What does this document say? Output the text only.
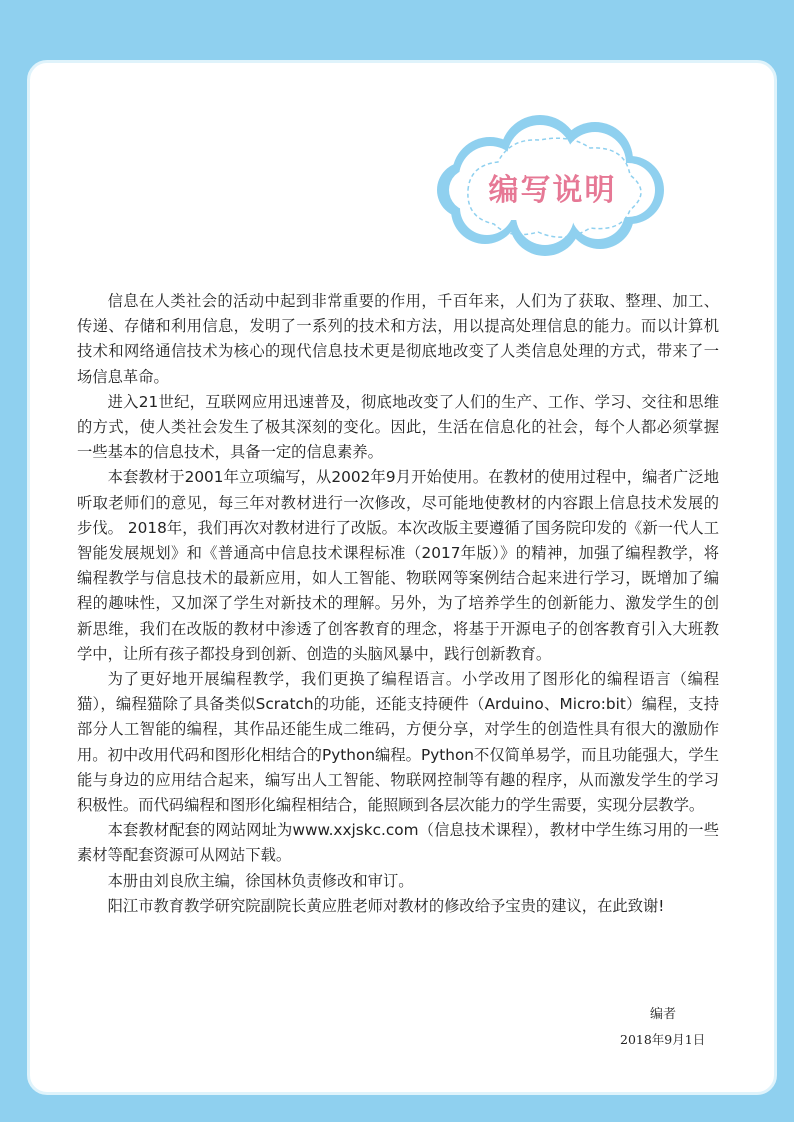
编写说明

信息在人类社会的活动中起到非常重要的作用，千百年来，人们为了获取、整理、加工、传递、存储和利用信息，发明了一系列的技术和方法，用以提高处理信息的能力。而以计算机技术和网络通信技术为核心的现代信息技术更是彻底地改变了人类信息处理的方式，带来了一场信息革命。

进入21世纪，互联网应用迅速普及，彻底地改变了人们的生产、工作、学习、交往和思维的方式，使人类社会发生了极其深刻的变化。因此，生活在信息化的社会，每个人都必须掌握一些基本的信息技术，具备一定的信息素养。

本套教材于2001年立项编写，从2002年9月开始使用。在教材的使用过程中，编者广泛地听取老师们的意见，每三年对教材进行一次修改，尽可能地使教材的内容跟上信息技术发展的步伐。 2018年，我们再次对教材进行了改版。本次改版主要遵循了国务院印发的《新一代人工智能发展规划》和《普通高中信息技术课程标准（2017年版）》的精神，加强了编程教学，将编程教学与信息技术的最新应用，如人工智能、物联网等案例结合起来进行学习，既增加了编程的趣味性，又加深了学生对新技术的理解。另外，为了培养学生的创新能力、激发学生的创新思维，我们在改版的教材中渗透了创客教育的理念，将基于开源电子的创客教育引入大班教学中，让所有孩子都投身到创新、创造的头脑风暴中，践行创新教育。

为了更好地开展编程教学，我们更换了编程语言。小学改用了图形化的编程语言（编程猫），编程猫除了具备类似Scratch的功能，还能支持硬件（Arduino、Micro:bit）编程，支持部分人工智能的编程，其作品还能生成二维码，方便分享，对学生的创造性具有很大的激励作用。初中改用代码和图形化相结合的Python编程。Python不仅简单易学，而且功能强大，学生能与身边的应用结合起来，编写出人工智能、物联网控制等有趣的程序，从而激发学生的学习积极性。而代码编程和图形化编程相结合，能照顾到各层次能力的学生需要，实现分层教学。

本套教材配套的网站网址为www.xxjskc.com（信息技术课程），教材中学生练习用的一些素材等配套资源可从网站下载。

本册由刘良欣主编，徐国林负责修改和审订。

阳江市教育教学研究院副院长黄应胜老师对教材的修改给予宝贵的建议，在此致谢!

编者
2018年9月1日
